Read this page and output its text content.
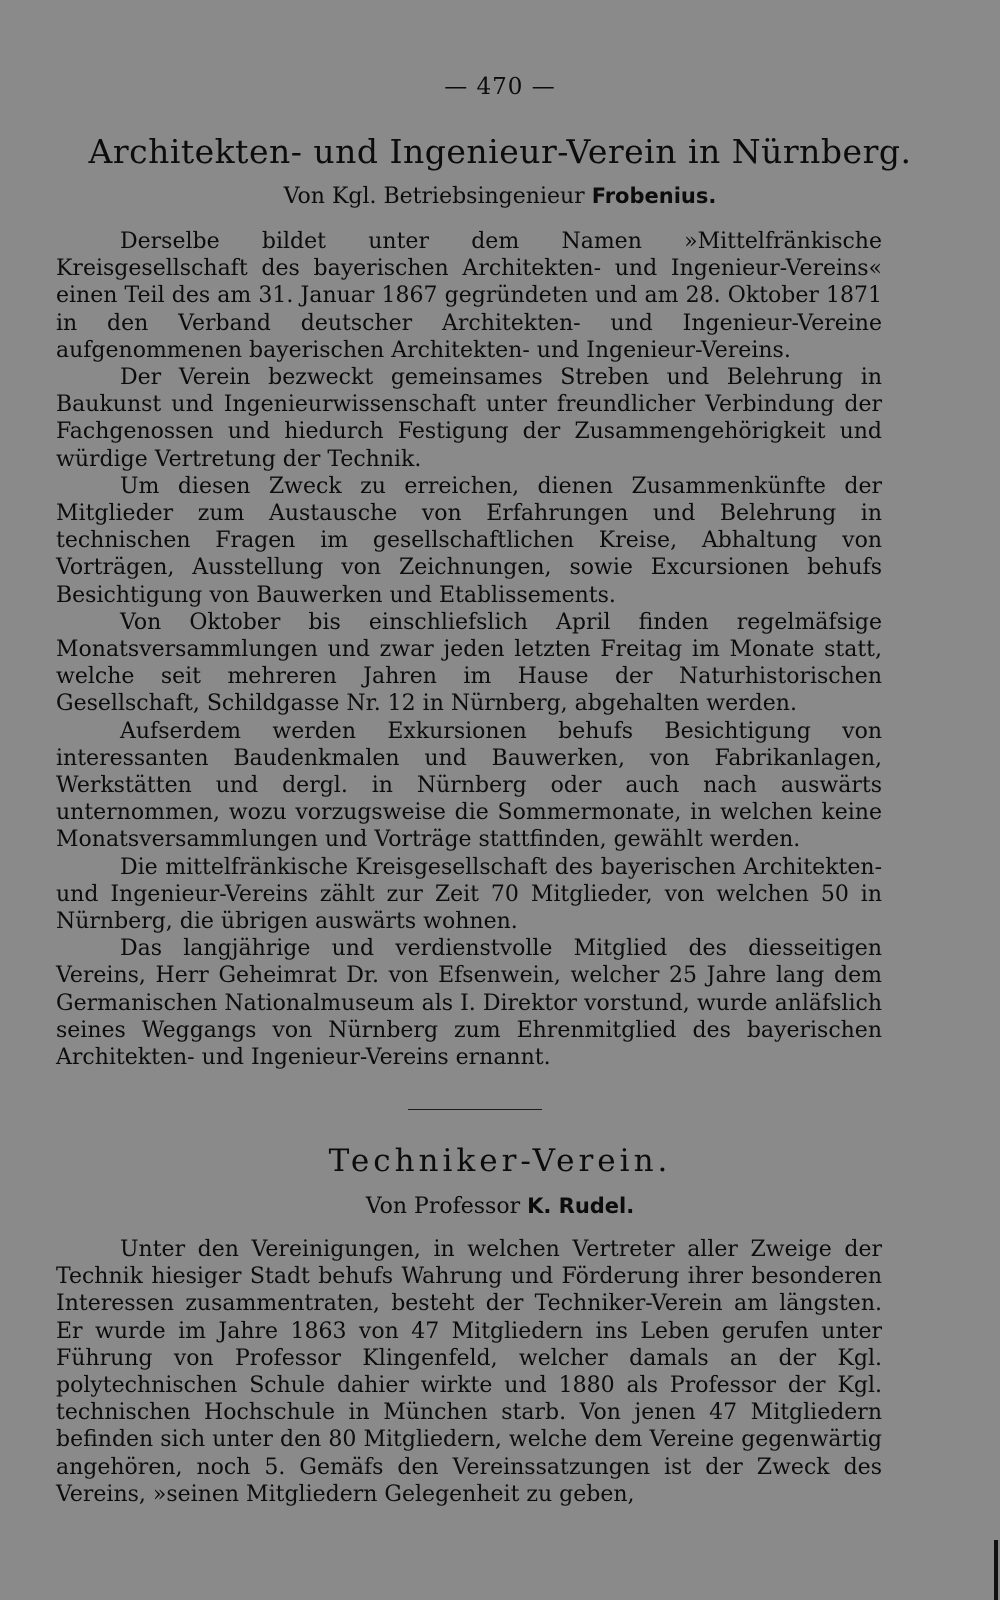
— 470 —
Architekten- und Ingenieur-Verein in Nürnberg.
Von Kgl. Betriebsingenieur Frobenius.

Derselbe bildet unter dem Namen »Mittelfränkische Kreisgesellschaft des bayerischen Architekten- und Ingenieur-Vereins« einen Teil des am 31. Januar 1867 gegründeten und am 28. Oktober 1871 in den Verband deutscher Architekten- und Ingenieur-Vereine aufgenommenen bayerischen Architekten- und Ingenieur-Vereins.

Der Verein bezweckt gemeinsames Streben und Belehrung in Baukunst und Ingenieurwissenschaft unter freundlicher Verbindung der Fachgenossen und hiedurch Festigung der Zusammengehörigkeit und würdige Vertretung der Technik.

Um diesen Zweck zu erreichen, dienen Zusammenkünfte der Mitglieder zum Austausche von Erfahrungen und Belehrung in technischen Fragen im gesellschaftlichen Kreise, Abhaltung von Vorträgen, Ausstellung von Zeichnungen, sowie Excursionen behufs Besichtigung von Bauwerken und Etablissements.

Von Oktober bis einschliefslich April finden regelmäfsige Monatsversammlungen und zwar jeden letzten Freitag im Monate statt, welche seit mehreren Jahren im Hause der Naturhistorischen Gesellschaft, Schildgasse Nr. 12 in Nürnberg, abgehalten werden.

Aufserdem werden Exkursionen behufs Besichtigung von interessanten Baudenkmalen und Bauwerken, von Fabrikanlagen, Werkstätten und dergl. in Nürnberg oder auch nach auswärts unternommen, wozu vorzugsweise die Sommermonate, in welchen keine Monatsversammlungen und Vorträge stattfinden, gewählt werden.

Die mittelfränkische Kreisgesellschaft des bayerischen Architekten- und Ingenieur-Vereins zählt zur Zeit 70 Mitglieder, von welchen 50 in Nürnberg, die übrigen auswärts wohnen.

Das langjährige und verdienstvolle Mitglied des diesseitigen Vereins, Herr Geheimrat Dr. von Efsenwein, welcher 25 Jahre lang dem Germanischen Nationalmuseum als I. Direktor vorstund, wurde anläfslich seines Weggangs von Nürnberg zum Ehrenmitglied des bayerischen Architekten- und Ingenieur-Vereins ernannt.

Techniker-Verein.
Von Professor K. Rudel.

Unter den Vereinigungen, in welchen Vertreter aller Zweige der Technik hiesiger Stadt behufs Wahrung und Förderung ihrer besonderen Interessen zusammentraten, besteht der Techniker-Verein am längsten. Er wurde im Jahre 1863 von 47 Mitgliedern ins Leben gerufen unter Führung von Professor Klingenfeld, welcher damals an der Kgl. polytechnischen Schule dahier wirkte und 1880 als Professor der Kgl. technischen Hochschule in München starb. Von jenen 47 Mitgliedern befinden sich unter den 80 Mitgliedern, welche dem Vereine gegenwärtig angehören, noch 5. Gemäfs den Vereinssatzungen ist der Zweck des Vereins, »seinen Mitgliedern Gelegenheit zu geben,
